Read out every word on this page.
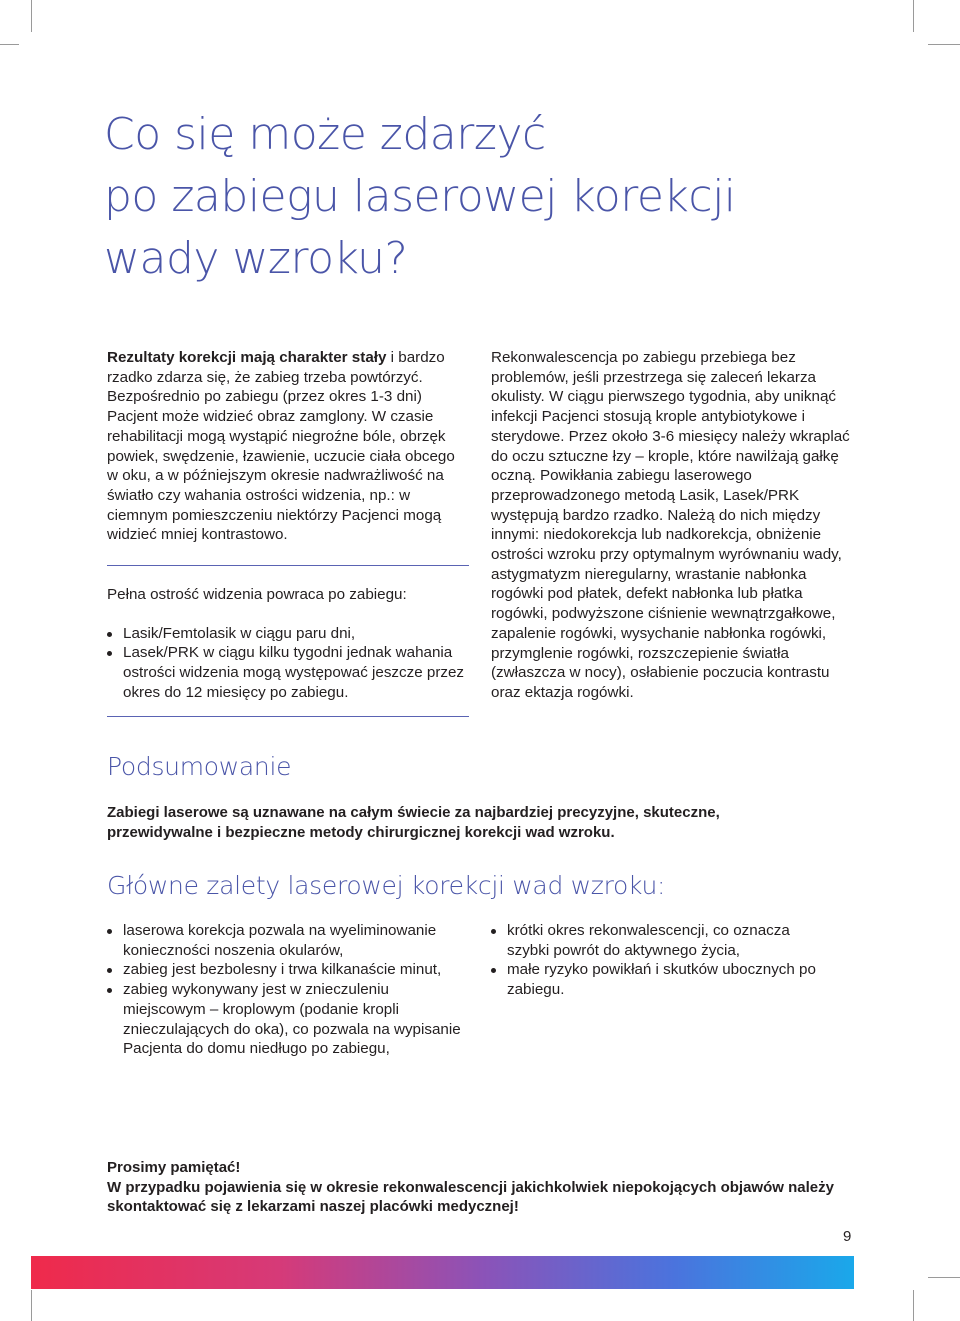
Co się może zdarzyć
po zabiegu laserowej korekcji
wady wzroku?

Rezultaty korekcji mają charakter stały i bardzo rzadko zdarza się, że zabieg trzeba powtórzyć. Bezpośrednio po zabiegu (przez okres 1-3 dni) Pacjent może widzieć obraz zamglony. W czasie rehabilitacji mogą wystąpić niegroźne bóle, obrzęk powiek, swędzenie, łzawienie, uczucie ciała obcego w oku, a w późniejszym okresie nadwrażliwość na światło czy wahania ostrości widzenia, np.: w ciemnym pomieszczeniu niektórzy Pacjenci mogą widzieć mniej kontrastowo.

Pełna ostrość widzenia powraca po zabiegu:

Lasik/Femtolasik w ciągu paru dni,
Lasek/PRK w ciągu kilku tygodni jednak wahania ostrości widzenia mogą występować jeszcze przez okres do 12 miesięcy po zabiegu.

Rekonwalescencja po zabiegu przebiega bez problemów, jeśli przestrzega się zaleceń lekarza okulisty. W ciągu pierwszego tygodnia, aby uniknąć infekcji Pacjenci stosują krople antybiotykowe i sterydowe. Przez około 3-6 miesięcy należy wkraplać do oczu sztuczne łzy – krople, które nawilżają gałkę oczną. Powikłania zabiegu laserowego przeprowadzonego metodą Lasik, Lasek/PRK występują bardzo rzadko. Należą do nich między innymi: niedokorekcja lub nadkorekcja, obniżenie ostrości wzroku przy optymalnym wyrównaniu wady, astygmatyzm nieregularny, wrastanie nabłonka rogówki pod płatek, defekt nabłonka lub płatka rogówki, podwyższone ciśnienie wewnątrzgałkowe, zapalenie rogówki, wysychanie nabłonka rogówki, przymglenie rogówki, rozszczepienie światła (zwłaszcza w nocy), osłabienie poczucia kontrastu oraz ektazja rogówki.

Podsumowanie

Zabiegi laserowe są uznawane na całym świecie za najbardziej precyzyjne, skuteczne, przewidywalne i bezpieczne metody chirurgicznej korekcji wad wzroku.

Główne zalety laserowej korekcji wad wzroku:
laserowa korekcja pozwala na wyeliminowanie konieczności noszenia okularów,
zabieg jest bezbolesny i trwa kilkanaście minut,
zabieg wykonywany jest w znieczuleniu miejscowym – kroplowym (podanie kropli znieczulających do oka), co pozwala na wypisanie Pacjenta do domu niedługo po zabiegu,
krótki okres rekonwalescencji, co oznacza szybki powrót do aktywnego życia,
małe ryzyko powikłań i skutków ubocznych po zabiegu.
Prosimy pamiętać!
W przypadku pojawienia się w okresie rekonwalescencji jakichkolwiek niepokojących objawów należy skontaktować się z lekarzami naszej placówki medycznej!
9
